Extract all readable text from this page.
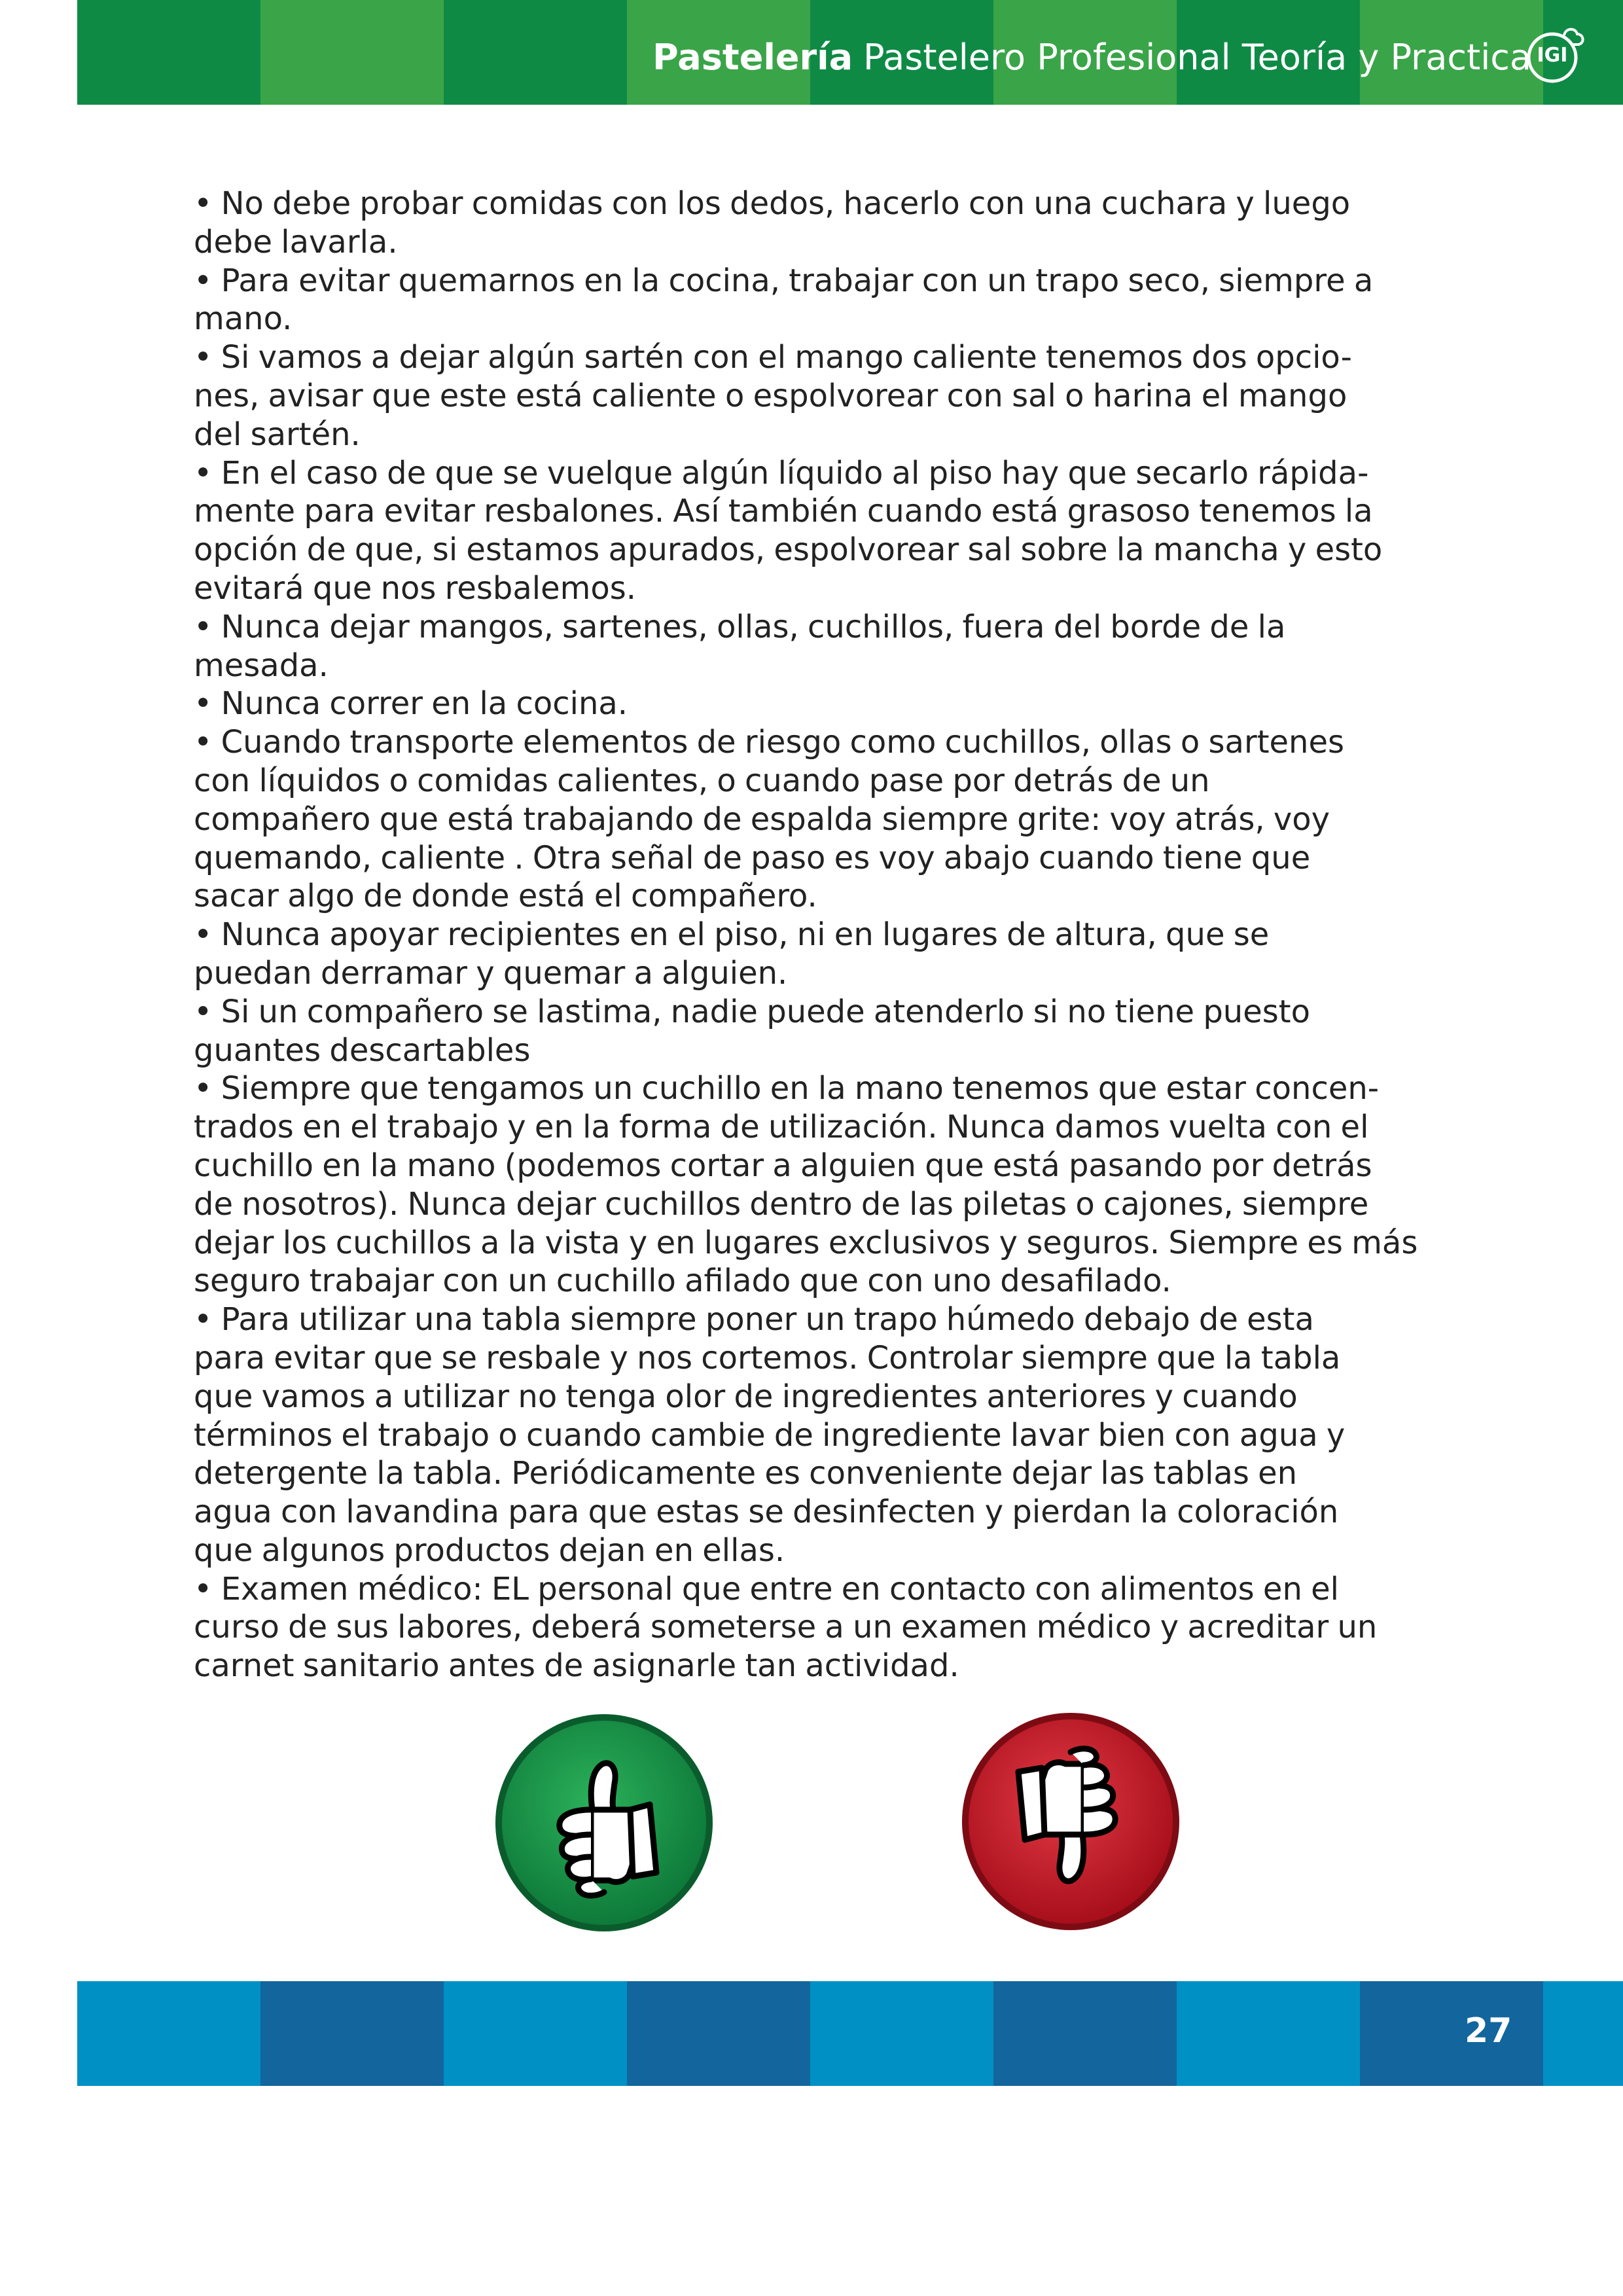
Pastelería Pastelero Profesional Teoría y Practica IGI
• No debe probar comidas con los dedos, hacerlo con una cuchara y luego
debe lavarla.
• Para evitar quemarnos en la cocina, trabajar con un trapo seco, siempre a
mano.
• Si vamos a dejar algún sartén con el mango caliente tenemos dos opcio-
nes, avisar que este está caliente o espolvorear con sal o harina el mango
del sartén.
• En el caso de que se vuelque algún líquido al piso hay que secarlo rápida-
mente para evitar resbalones. Así también cuando está grasoso tenemos la
opción de que, si estamos apurados, espolvorear sal sobre la mancha y esto
evitará que nos resbalemos.
• Nunca dejar mangos, sartenes, ollas, cuchillos, fuera del borde de la
mesada.
• Nunca correr en la cocina.
• Cuando transporte elementos de riesgo como cuchillos, ollas o sartenes
con líquidos o comidas calientes, o cuando pase por detrás de un
compañero que está trabajando de espalda siempre grite: voy atrás, voy
quemando, caliente . Otra señal de paso es voy abajo cuando tiene que
sacar algo de donde está el compañero.
• Nunca apoyar recipientes en el piso, ni en lugares de altura, que se
puedan derramar y quemar a alguien.
• Si un compañero se lastima, nadie puede atenderlo si no tiene puesto
guantes descartables
• Siempre que tengamos un cuchillo en la mano tenemos que estar concen-
trados en el trabajo y en la forma de utilización. Nunca damos vuelta con el
cuchillo en la mano (podemos cortar a alguien que está pasando por detrás
de nosotros). Nunca dejar cuchillos dentro de las piletas o cajones, siempre
dejar los cuchillos a la vista y en lugares exclusivos y seguros. Siempre es más
seguro trabajar con un cuchillo afilado que con uno desafilado.
• Para utilizar una tabla siempre poner un trapo húmedo debajo de esta
para evitar que se resbale y nos cortemos. Controlar siempre que la tabla
que vamos a utilizar no tenga olor de ingredientes anteriores y cuando
términos el trabajo o cuando cambie de ingrediente lavar bien con agua y
detergente la tabla. Periódicamente es conveniente dejar las tablas en
agua con lavandina para que estas se desinfecten y pierdan la coloración
que algunos productos dejan en ellas.
• Examen médico: EL personal que entre en contacto con alimentos en el
curso de sus labores, deberá someterse a un examen médico y acreditar un
carnet sanitario antes de asignarle tan actividad.
27
